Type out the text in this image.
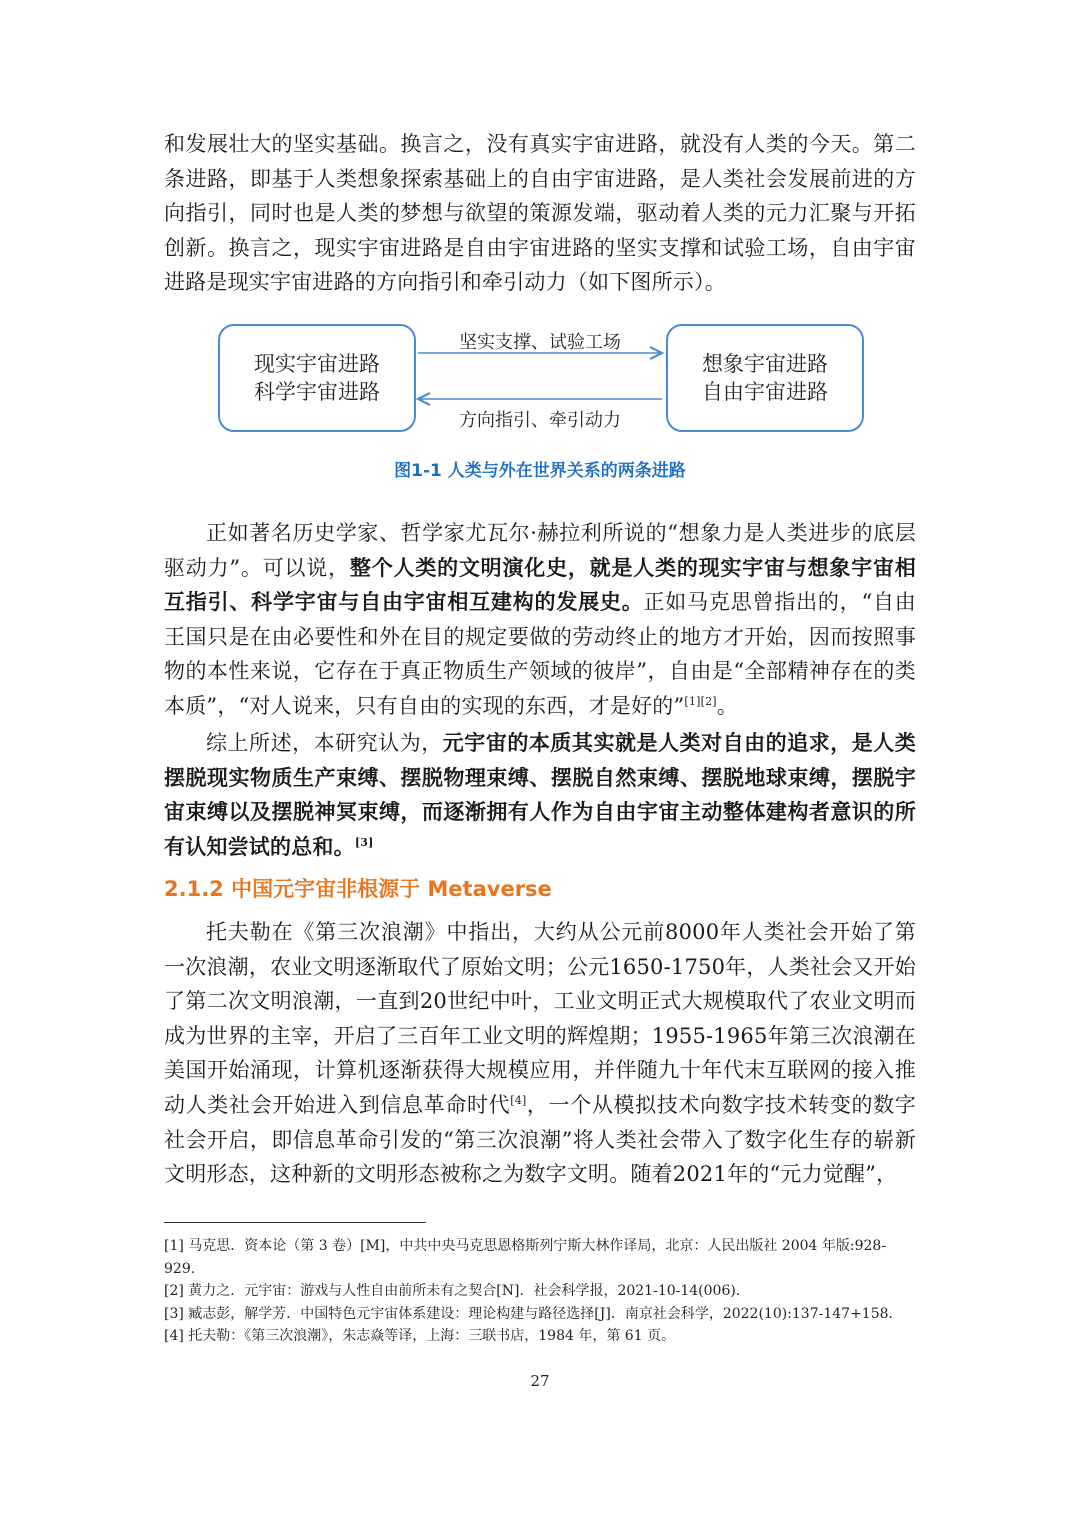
和发展壮大的坚实基础。换言之，没有真实宇宙进路，就没有人类的今天。第二条进路，即基于人类想象探索基础上的自由宇宙进路，是人类社会发展前进的方向指引，同时也是人类的梦想与欲望的策源发端，驱动着人类的元力汇聚与开拓创新。换言之，现实宇宙进路是自由宇宙进路的坚实支撑和试验工场，自由宇宙进路是现实宇宙进路的方向指引和牵引动力（如下图所示）。

现实宇宙进路
科学宇宙进路
坚实支撑、试验工场
方向指引、牵引动力
想象宇宙进路
自由宇宙进路
图1-1 人类与外在世界关系的两条进路

正如著名历史学家、哲学家尤瓦尔·赫拉利所说的“想象力是人类进步的底层驱动力”。可以说，整个人类的文明演化史，就是人类的现实宇宙与想象宇宙相互指引、科学宇宙与自由宇宙相互建构的发展史。正如马克思曾指出的，“自由王国只是在由必要性和外在目的规定要做的劳动终止的地方才开始，因而按照事物的本性来说，它存在于真正物质生产领域的彼岸”，自由是“全部精神存在的类本质”，“对人说来，只有自由的实现的东西，才是好的”[1][2]。

综上所述，本研究认为，元宇宙的本质其实就是人类对自由的追求，是人类摆脱现实物质生产束缚、摆脱物理束缚、摆脱自然束缚、摆脱地球束缚，摆脱宇宙束缚以及摆脱神冥束缚，而逐渐拥有人作为自由宇宙主动整体建构者意识的所有认知尝试的总和。[3]

2.1.2 中国元宇宙非根源于 Metaverse

托夫勒在《第三次浪潮》中指出，大约从公元前8000年人类社会开始了第一次浪潮，农业文明逐渐取代了原始文明；公元1650-1750年，人类社会又开始了第二次文明浪潮，一直到20世纪中叶，工业文明正式大规模取代了农业文明而成为世界的主宰，开启了三百年工业文明的辉煌期；1955-1965年第三次浪潮在美国开始涌现，计算机逐渐获得大规模应用，并伴随九十年代末互联网的接入推动人类社会开始进入到信息革命时代[4]，一个从模拟技术向数字技术转变的数字社会开启，即信息革命引发的“第三次浪潮”将人类社会带入了数字化生存的崭新文明形态，这种新的文明形态被称之为数字文明。随着2021年的“元力觉醒”，

[1] 马克思．资本论（第 3 卷）[M]，中共中央马克思恩格斯列宁斯大林作译局，北京：人民出版社 2004 年版:928-929.
[2] 黄力之．元宇宙：游戏与人性自由前所未有之契合[N]．社会科学报，2021-10-14(006)．
[3] 臧志彭，解学芳．中国特色元宇宙体系建设：理论构建与路径选择[J]．南京社会科学，2022(10):137-147+158.
[4] 托夫勒：《第三次浪潮》，朱志焱等译，上海：三联书店，1984 年，第 61 页。
27
